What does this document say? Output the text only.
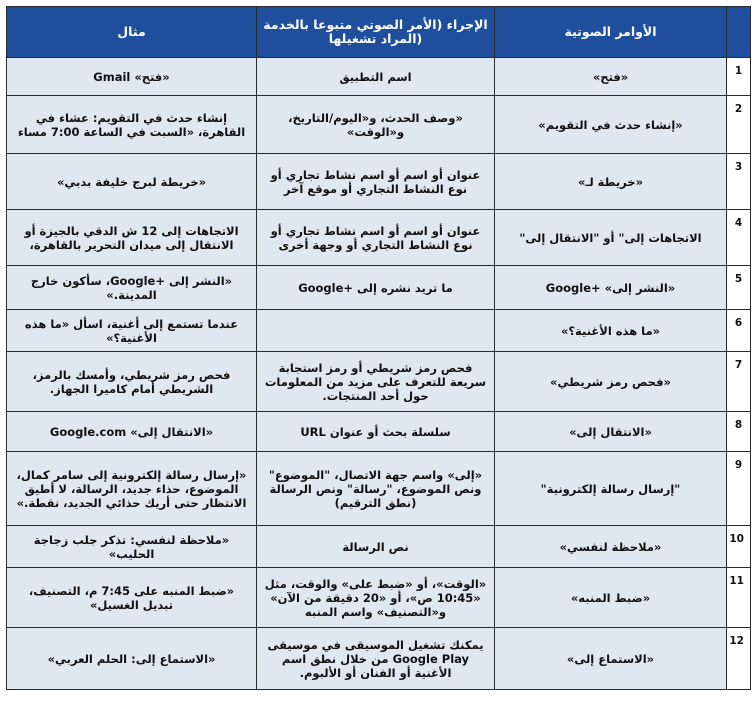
	الأوامر الصوتية	الإجراء (الأمر الصوتي متبوعا بالخدمة (المراد تشغيلها	مثال
1	«فتح»	اسم التطبيق	«فتح» Gmail
2	«إنشاء حدث في التقويم»	«وصف الحدث، و«اليوم/التاريخ، و«الوقت»	إنشاء حدث في التقويم: عشاء في القاهرة، «السبت في الساعة 7:00 مساء
3	«خريطة لـ»	عنوان أو اسم أو اسم نشاط تجاري أو نوع النشاط التجاري أو موقع آخر	«خريطة لبرج خليفة بدبي»
4	الاتجاهات إلى" أو "الانتقال إلى"	عنوان أو اسم أو اسم نشاط تجاري أو نوع النشاط التجاري أو وجهة أخرى	الاتجاهات إلى 12 ش الدقي بالجيزة أو الانتقال إلى ميدان التحرير بالقاهرة،
5	«النشر إلى» +Google	ما تريد نشره إلى +Google	«النشر إلى +Google، سأكون خارج المدينة.»
6	«ما هذه الأغنية؟»		عندما تستمع إلى أغنية، اسأل «ما هذه الأغنية؟»
7	«فحص رمز شريطي»	فحص رمز شريطي أو رمز استجابة سريعة للتعرف على مزيد من المعلومات حول أحد المنتجات.	فحص رمز شريطي، وأمسك بالرمز، الشريطي أمام كاميرا الجهاز.
8	«الانتقال إلى»	سلسلة بحث أو عنوان URL	«الانتقال إلى» Google.com
9	"إرسال رسالة إلكترونية"	«إلى» واسم جهة الاتصال، "الموضوع" ونص الموضوع، "رسالة" ونص الرسالة (نطق الترقيم)	«إرسال رسالة إلكترونية إلى سامر كمال، الموضوع، حذاء جديد، الرسالة، لا أطيق الانتظار حتى أريك حذائي الجديد، نقطة.»
10	«ملاحظة لنفسي»	نص الرسالة	«ملاحظة لنفسي: تذكر جلب زجاجة الحليب»
11	«ضبط المنبه»	«الوقت»، أو «ضبط على» والوقت، مثل «10:45 ص»، أو «20 دقيقة من الآن» و«التصنيف» واسم المنبه	«ضبط المنبه على 7:45 م، التصنيف، تبديل الغسيل»
12	«الاستماع إلى»	يمكنك تشغيل الموسيقى في موسيقى Google Play من خلال نطق اسم الأغنية أو الفنان أو الألبوم.	«الاستماع إلى: الحلم العربي»
